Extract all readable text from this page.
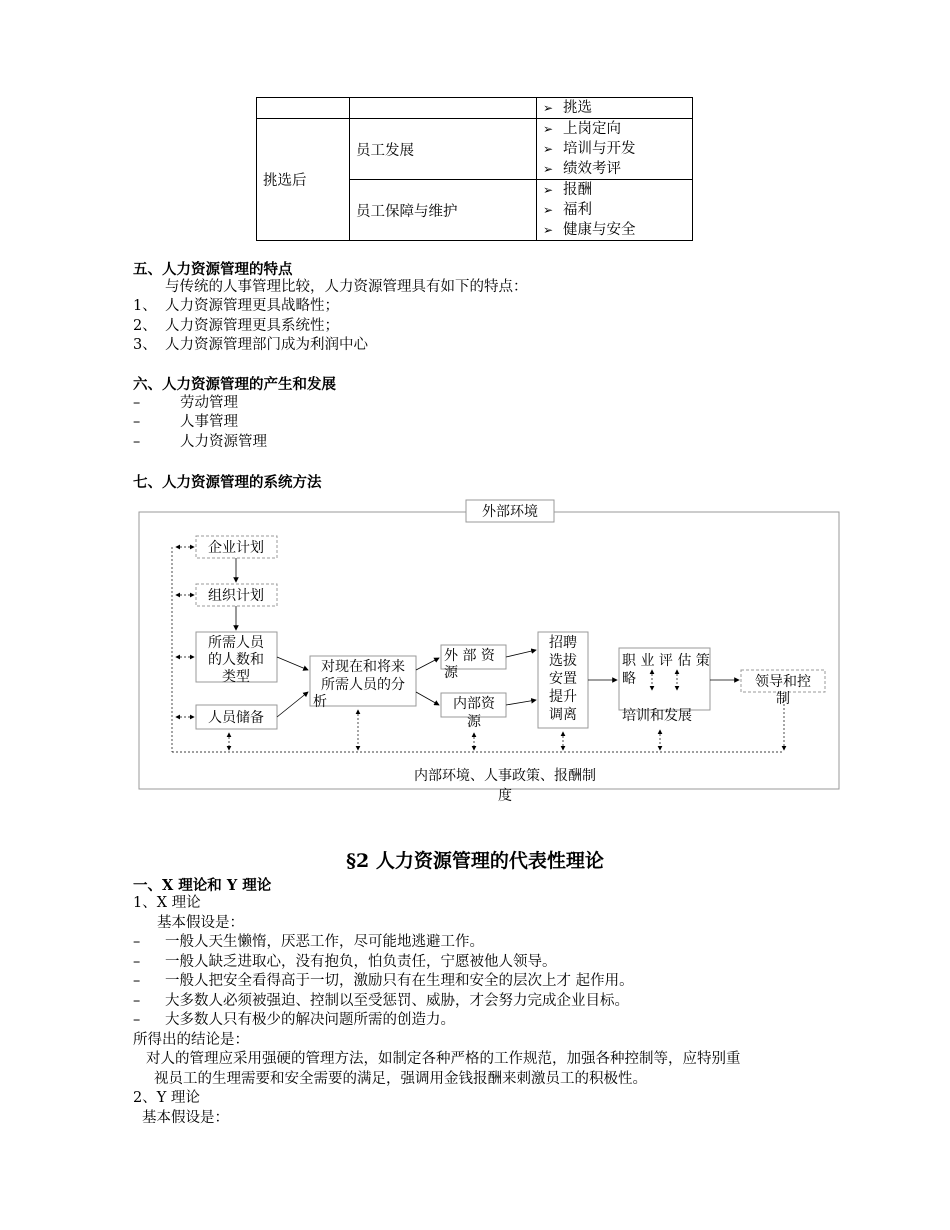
		➢ 挑选

挑选后	员工发展	➢ 上岗定向
➢ 培训与开发
➢ 绩效考评

	员工保障与维护	➢ 报酬
➢ 福利
➢ 健康与安全
五、人力资源管理的特点
与传统的人事管理比较，人力资源管理具有如下的特点：
1、 人力资源管理更具战略性；
2、 人力资源管理更具系统性；
3、 人力资源管理部门成为利润中心
六、人力资源管理的产生和发展
–	劳动管理
–	人事管理
–	人力资源管理
七、人力资源管理的系统方法
外部环境
企业计划
组织计划
所需人员
的人数和
类型
人员储备
对现在和将来
所需人员的分
析
外 部 资
源
内部资
源
招聘
选拔
安置
提升
调离
职 业 评 估 策
略
培训和发展
领导和控
制
内部环境、人事政策、报酬制
度
§2 人力资源管理的代表性理论
一、X 理论和 Y 理论
1、X 理论
基本假设是：
– 一般人天生懒惰，厌恶工作，尽可能地逃避工作。
– 一般人缺乏进取心，没有抱负，怕负责任，宁愿被他人领导。
– 一般人把安全看得高于一切，激励只有在生理和安全的层次上才 起作用。
– 大多数人必须被强迫、控制以至受惩罚、威胁，才会努力完成企业目标。
– 大多数人只有极少的解决问题所需的创造力。
所得出的结论是：
对人的管理应采用强硬的管理方法，如制定各种严格的工作规范，加强各种控制等，应特别重
视员工的生理需要和安全需要的满足，强调用金钱报酬来刺激员工的积极性。
2、Y 理论
基本假设是：
